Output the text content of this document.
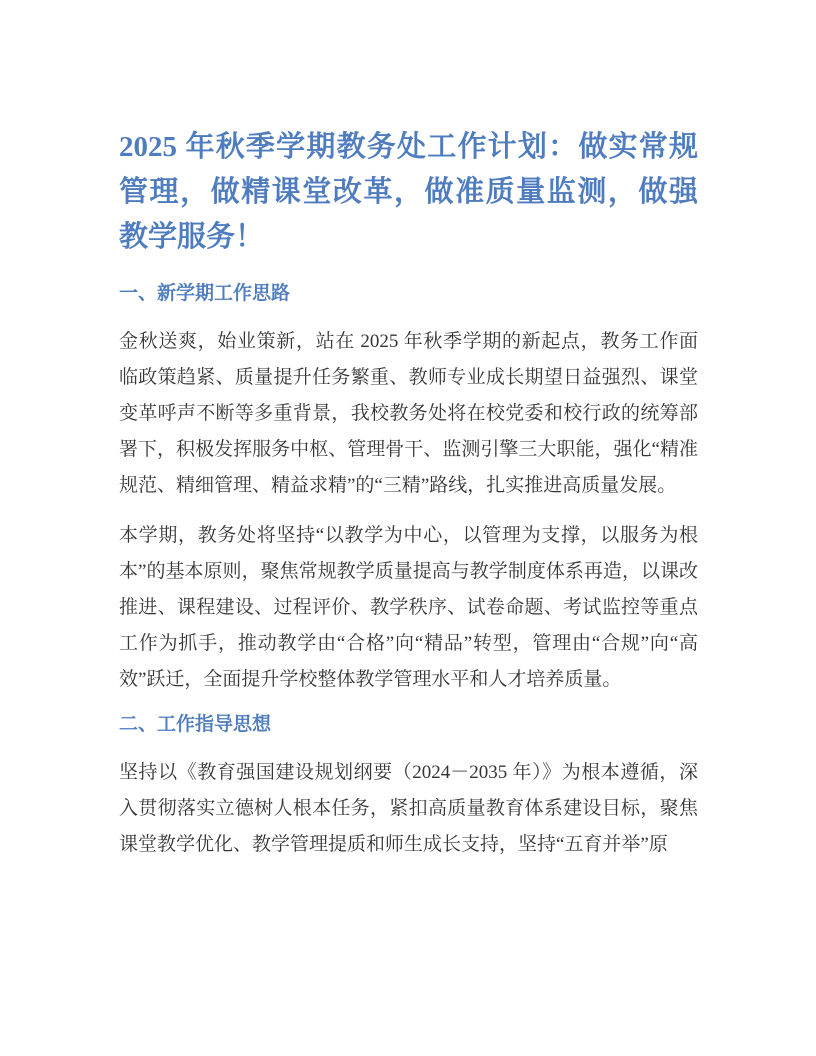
2025 年秋季学期教务处工作计划：做实常规管理，做精课堂改革，做准质量监测，做强教学服务！
一、新学期工作思路

金秋送爽，始业策新，站在 2025 年秋季学期的新起点，教务工作面临政策趋紧、质量提升任务繁重、教师专业成长期望日益强烈、课堂变革呼声不断等多重背景，我校教务处将在校党委和校行政的统筹部署下，积极发挥服务中枢、管理骨干、监测引擎三大职能，强化“精准规范、精细管理、精益求精”的“三精”路线，扎实推进高质量发展。

本学期，教务处将坚持“以教学为中心，以管理为支撑，以服务为根本”的基本原则，聚焦常规教学质量提高与教学制度体系再造，以课改推进、课程建设、过程评价、教学秩序、试卷命题、考试监控等重点工作为抓手，推动教学由“合格”向“精品”转型，管理由“合规”向“高效”跃迁，全面提升学校整体教学管理水平和人才培养质量。

二、工作指导思想

坚持以《教育强国建设规划纲要（2024－2035 年）》为根本遵循，深入贯彻落实立德树人根本任务，紧扣高质量教育体系建设目标，聚焦课堂教学优化、教学管理提质和师生成长支持，坚持“五育并举”原
